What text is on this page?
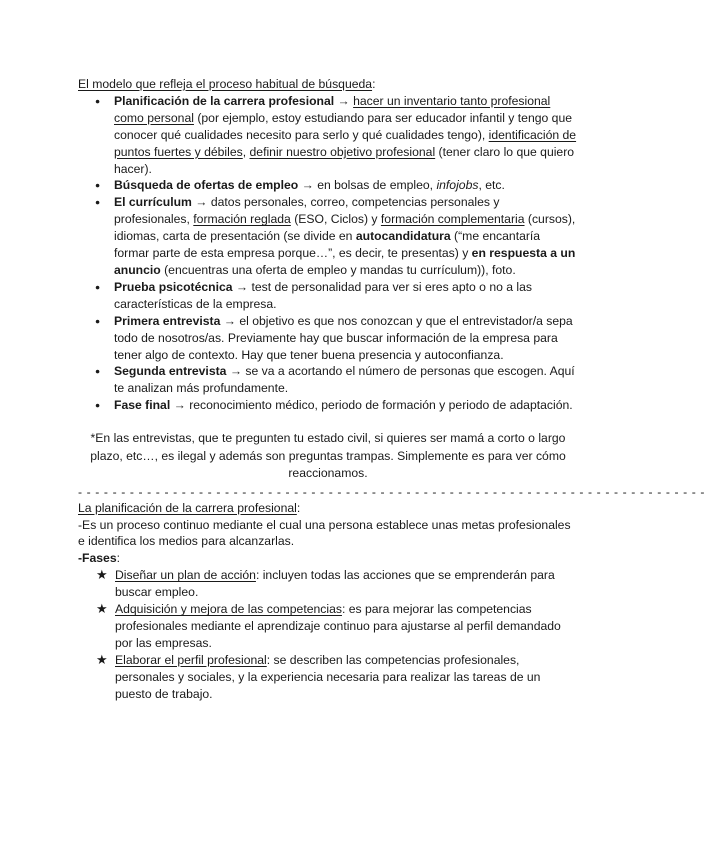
El modelo que refleja el proceso habitual de búsqueda:
● Planificación de la carrera profesional → hacer un inventario tanto profesional como personal (por ejemplo, estoy estudiando para ser educador infantil y tengo que conocer qué cualidades necesito para serlo y qué cualidades tengo), identificación de puntos fuertes y débiles, definir nuestro objetivo profesional (tener claro lo que quiero hacer).
● Búsqueda de ofertas de empleo → en bolsas de empleo, infojobs, etc.
● El currículum → datos personales, correo, competencias personales y profesionales, formación reglada (ESO, Ciclos) y formación complementaria (cursos), idiomas, carta de presentación (se divide en autocandidatura (“me encantaría formar parte de esta empresa porque…”, es decir, te presentas) y en respuesta a un anuncio (encuentras una oferta de empleo y mandas tu currículum)), foto.
● Prueba psicotécnica → test de personalidad para ver si eres apto o no a las características de la empresa.
● Primera entrevista → el objetivo es que nos conozcan y que el entrevistador/a sepa todo de nosotros/as. Previamente hay que buscar información de la empresa para tener algo de contexto. Hay que tener buena presencia y autoconfianza.
● Segunda entrevista → se va a acortando el número de personas que escogen. Aquí te analizan más profundamente.
● Fase final → reconocimiento médico, periodo de formación y periodo de adaptación.
*En las entrevistas, que te pregunten tu estado civil, si quieres ser mamá a corto o largo plazo, etc…, es ilegal y además son preguntas trampas. Simplemente es para ver cómo reaccionamos.
- - - - - - - - - - - - - - - - - - - - - - - - - - - - - - - - - - - - - - - - - - - - - - - - - - - - - - - - - - - - - - - - - - - - - - - - -
La planificación de la carrera profesional:
-Es un proceso continuo mediante el cual una persona establece unas metas profesionales e identifica los medios para alcanzarlas.
-Fases:
★ Diseñar un plan de acción: incluyen todas las acciones que se emprenderán para buscar empleo.
★ Adquisición y mejora de las competencias: es para mejorar las competencias profesionales mediante el aprendizaje continuo para ajustarse al perfil demandado por las empresas.
★ Elaborar el perfil profesional: se describen las competencias profesionales, personales y sociales, y la experiencia necesaria para realizar las tareas de un puesto de trabajo.
